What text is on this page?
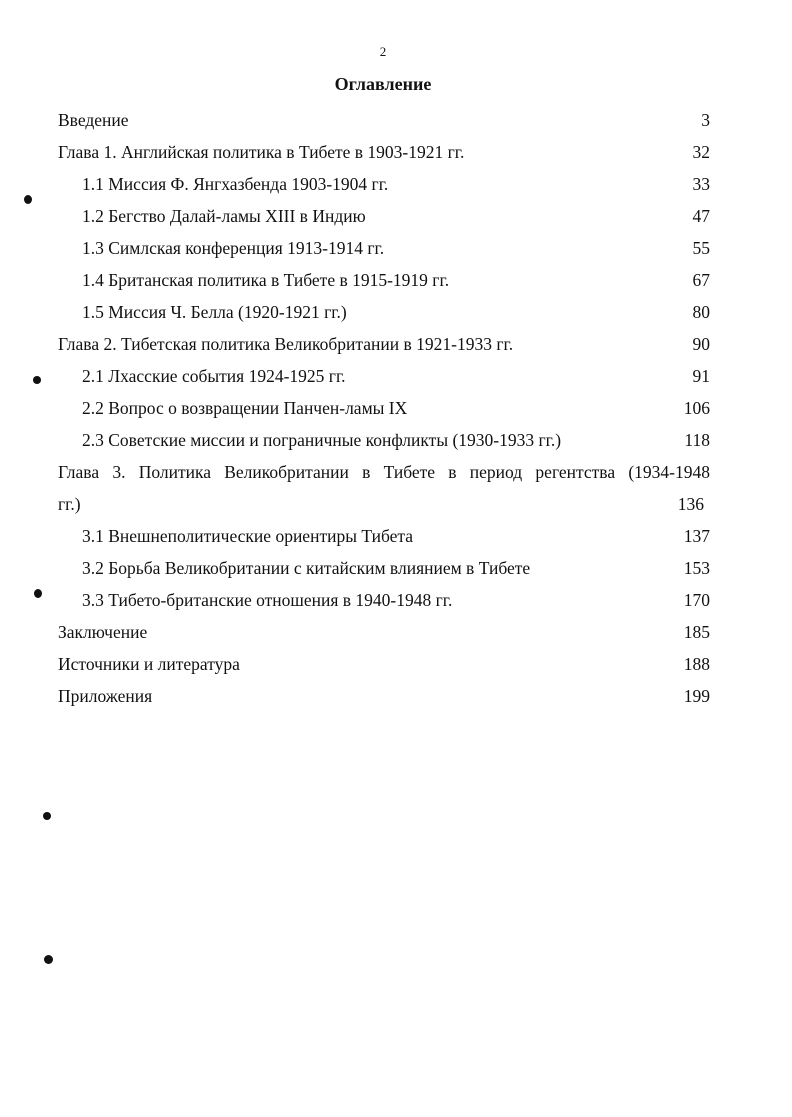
2
Оглавление
Введение	3
Глава 1. Английская политика в Тибете в 1903-1921 гг.	32
1.1 Миссия Ф. Янгхазбенда 1903-1904 гг.	33
1.2 Бегство Далай-ламы XIII в Индию	47
1.3 Симлская конференция 1913-1914 гг.	55
1.4 Британская политика в Тибете в 1915-1919 гг.	67
1.5 Миссия Ч. Белла (1920-1921 гг.)	80
Глава 2. Тибетская политика Великобритании в 1921-1933 гг.	90
2.1 Лхасские события 1924-1925 гг.	91
2.2 Вопрос о возвращении Панчен-ламы IX	106
2.3 Советские миссии и пограничные конфликты (1930-1933 гг.)	118
Глава 3. Политика Великобритании в Тибете в период регентства (1934-1948
гг.)	136
3.1 Внешнеполитические ориентиры Тибета	137
3.2 Борьба Великобритании с китайским влиянием в Тибете	153
3.3 Тибето-британские отношения в 1940-1948 гг.	170
Заключение	185
Источники и литература	188
Приложения	199
